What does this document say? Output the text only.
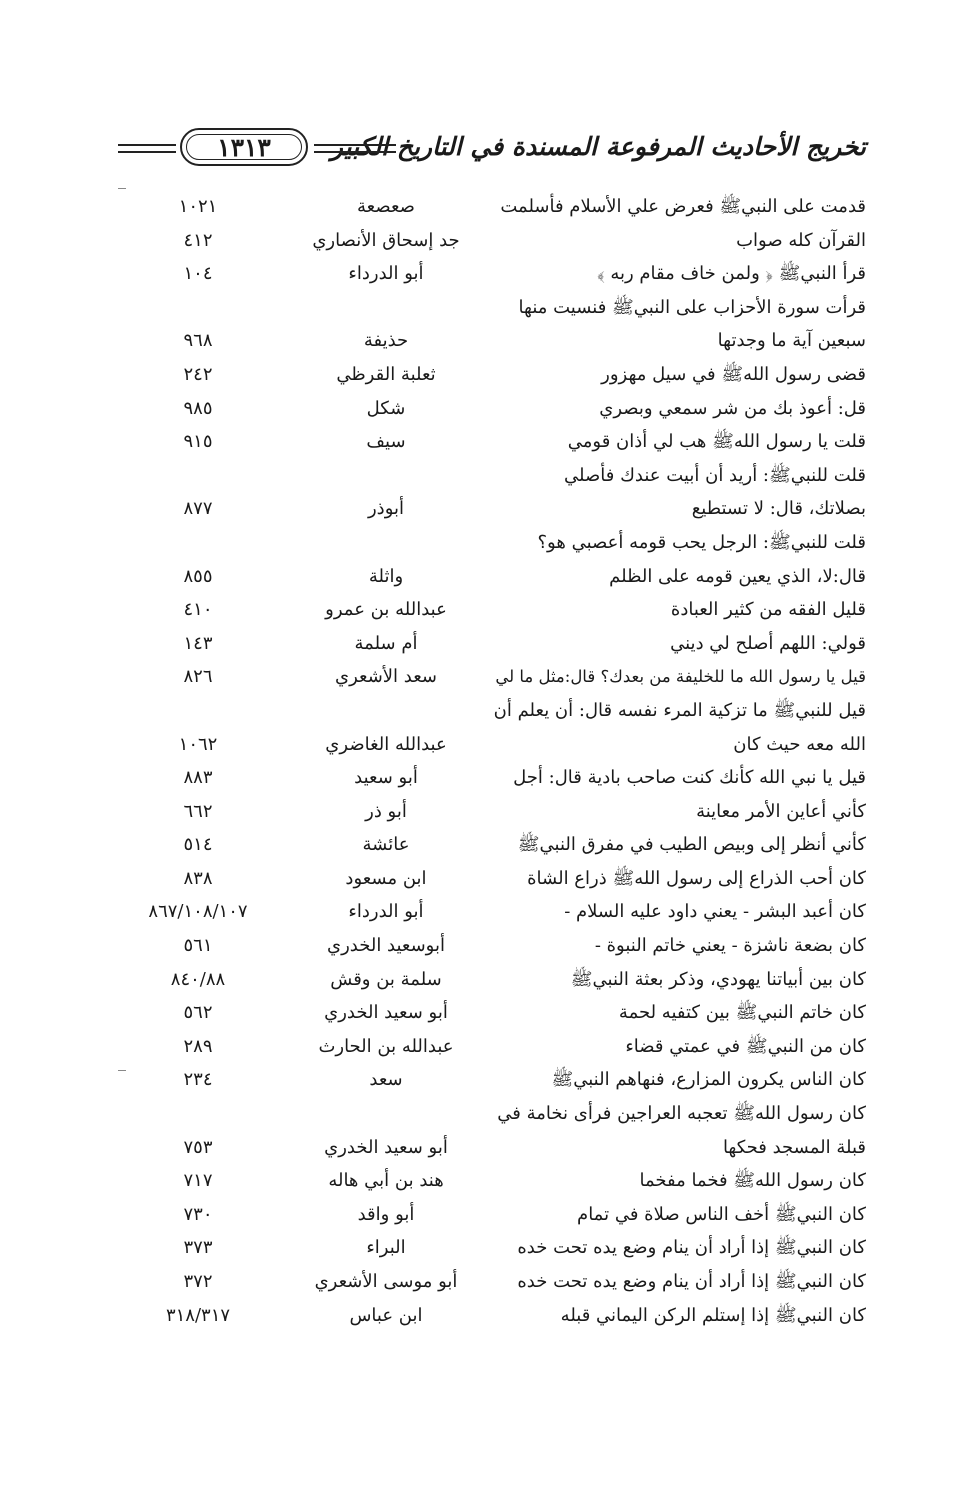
تخريج الأحاديث المرفوعة المسندة في التاريخ الكبير
١٣١٣
قدمت على النبيﷺ فعرض علي الأسلام فأسلمت
صعصعة
١٠٢١
القرآن كله صواب
جد إسحاق الأنصاري
٤١٢
قرأ النبيﷺ ﴿ ولمن خاف مقام ربه ﴾
أبو الدرداء
١٠٤
قرأت سورة الأحزاب على النبيﷺ فنسيت منها
سبعين آية ما وجدتها
حذيفة
٩٦٨
قضى رسول اللهﷺ في سيل مهزور
ثعلبة القرظي
٢٤٢
قل: أعوذ بك من شر سمعي وبصري
شكل
٩٨٥
قلت يا رسول اللهﷺ هب لي أذان قومي
سيف
٩١٥
قلت للنبيﷺ: أريد أن أبيت عندك فأصلي
بصلاتك، قال: لا تستطيع
أبوذر
٨٧٧
قلت للنبيﷺ: الرجل يحب قومه أعصبي هو؟
قال:لا، الذي يعين قومه على الظلم
واثلة
٨٥٥
قليل الفقه من كثير العبادة
عبدالله بن عمرو
٤١٠
قولي: اللهم أصلح لي ديني
أم سلمة
١٤٣
قيل يا رسول الله ما للخليفة من بعدك؟ قال:مثل ما لي
سعد الأشعري
٨٢٦
قيل للنبيﷺ ما تزكية المرء نفسه قال: أن يعلم أن
الله معه حيث كان
عبدالله الغاضري
١٠٦٢
قيل يا نبي الله كأنك كنت صاحب بادية قال: أجل
أبو سعيد
٨٨٣
كأني أعاين الأمر معاينة
أبو ذر
٦٦٢
كأني أنظر إلى وبيص الطيب في مفرق النبيﷺ
عائشة
٥١٤
كان أحب الذراع إلى رسول اللهﷺ ذراع الشاة
ابن مسعود
٨٣٨
كان أعبد البشر - يعني داود عليه السلام -
أبو الدرداء
٨٦٧/١٠٨/١٠٧
كان بضعة ناشزة - يعني خاتم النبوة -
أبوسعيد الخدري
٥٦١
كان بين أبياتنا يهودي، وذكر بعثة النبيﷺ
سلمة بن وقش
٨٤٠/٨٨
كان خاتم النبيﷺ بين كتفيه لحمة
أبو سعيد الخدري
٥٦٢
كان من النبيﷺ في عمتي قضاء
عبدالله بن الحارث
٢٨٩
كان الناس يكرون المزارع، فنهاهم النبيﷺ
سعد
٢٣٤
كان رسول اللهﷺ تعجبه العراجين فرأى نخامة في
قبلة المسجد فحكها
أبو سعيد الخدري
٧٥٣
كان رسول اللهﷺ فخما مفخما
هند بن أبي هاله
٧١٧
كان النبيﷺ أخف الناس صلاة في تمام
أبو واقد
٧٣٠
كان النبيﷺ إذا أراد أن ينام وضع يده تحت خده
البراء
٣٧٣
كان النبيﷺ إذا أراد أن ينام وضع يده تحت خده
أبو موسى الأشعري
٣٧٢
كان النبيﷺ إذا إستلم الركن اليماني قبله
ابن عباس
٣١٨/٣١٧
